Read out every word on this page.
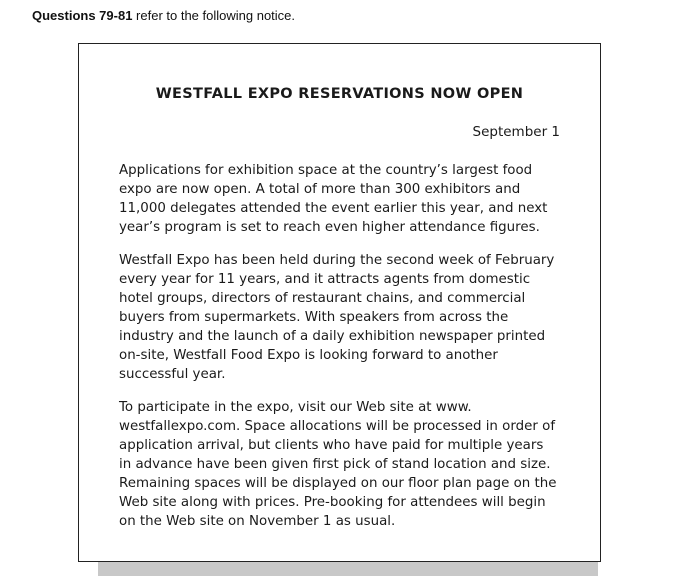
Questions 79-81 refer to the following notice.
WESTFALL EXPO RESERVATIONS NOW OPEN
September 1
Applications for exhibition space at the country’s largest food
expo are now open. A total of more than 300 exhibitors and
11,000 delegates attended the event earlier this year, and next
year’s program is set to reach even higher attendance figures.
Westfall Expo has been held during the second week of February
every year for 11 years, and it attracts agents from domestic
hotel groups, directors of restaurant chains, and commercial
buyers from supermarkets. With speakers from across the
industry and the launch of a daily exhibition newspaper printed
on-site, Westfall Food Expo is looking forward to another
successful year.
To participate in the expo, visit our Web site at www.
westfallexpo.com. Space allocations will be processed in order of
application arrival, but clients who have paid for multiple years
in advance have been given first pick of stand location and size.
Remaining spaces will be displayed on our floor plan page on the
Web site along with prices. Pre-booking for attendees will begin
on the Web site on November 1 as usual.
